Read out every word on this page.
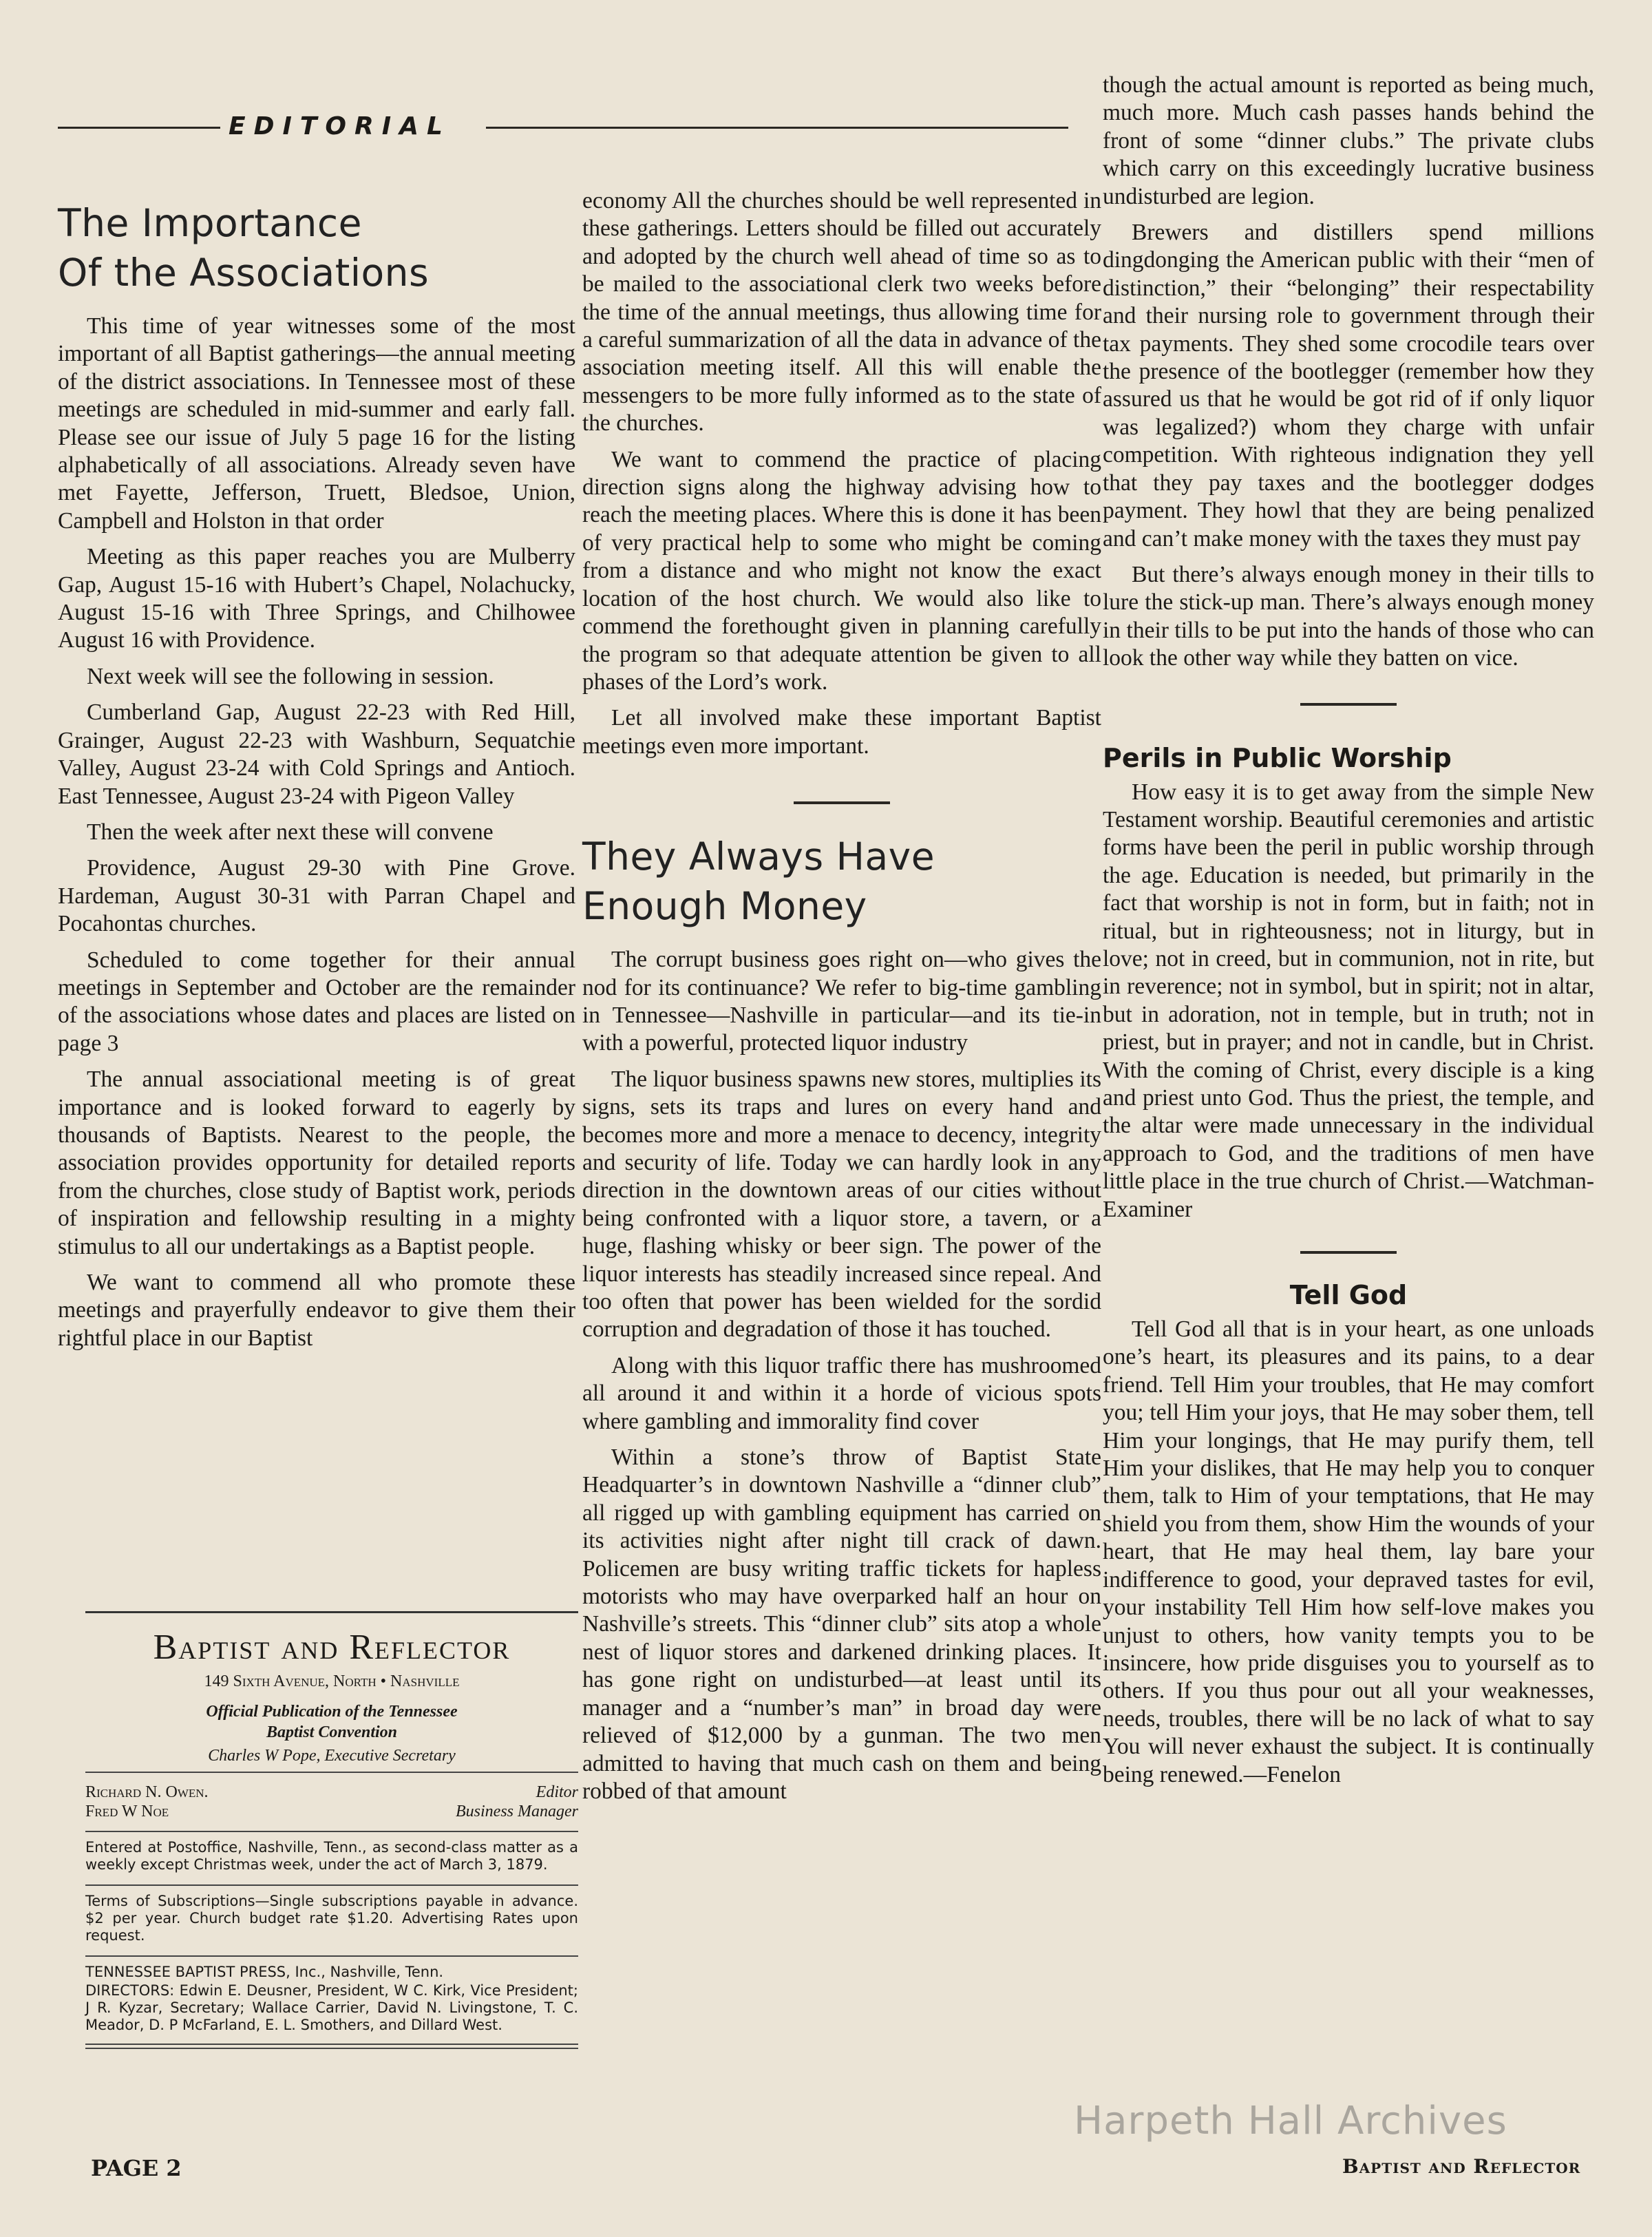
EDITORIAL
The Importance
Of the Associations

This time of year witnesses some of the most important of all Baptist gatherings—the annual meeting of the district associations. In Tennessee most of these meetings are scheduled in mid-summer and early fall. Please see our issue of July 5 page 16 for the listing alphabetically of all associations. Already seven have met Fayette, Jefferson, Truett, Bledsoe, Union, Campbell and Holston in that order

Meeting as this paper reaches you are Mulberry Gap, August 15-16 with Hubert’s Chapel, Nolachucky, August 15-16 with Three Springs, and Chilhowee August 16 with Providence.

Next week will see the following in session.

Cumberland Gap, August 22-23 with Red Hill, Grainger, August 22-23 with Washburn, Sequatchie Valley, August 23-24 with Cold Springs and Antioch. East Tennessee, August 23-24 with Pigeon Valley

Then the week after next these will convene

Providence, August 29-30 with Pine Grove. Hardeman, August 30-31 with Parran Chapel and Pocahontas churches.

Scheduled to come together for their annual meetings in September and October are the remainder of the associations whose dates and places are listed on page 3

The annual associational meeting is of great importance and is looked forward to eagerly by thousands of Baptists. Nearest to the people, the association provides opportunity for detailed reports from the churches, close study of Baptist work, periods of inspiration and fellowship resulting in a mighty stimulus to all our undertakings as a Baptist people.

We want to commend all who promote these meetings and prayerfully endeavor to give them their rightful place in our Baptist

economy All the churches should be well represented in these gatherings. Letters should be filled out accurately and adopted by the church well ahead of time so as to be mailed to the associational clerk two weeks before the time of the annual meetings, thus allowing time for a careful summarization of all the data in advance of the association meeting itself. All this will enable the messengers to be more fully informed as to the state of the churches.

We want to commend the practice of placing direction signs along the highway advising how to reach the meeting places. Where this is done it has been of very practical help to some who might be coming from a distance and who might not know the exact location of the host church. We would also like to commend the forethought given in planning carefully the program so that adequate attention be given to all phases of the Lord’s work.

Let all involved make these important Baptist meetings even more important.

They Always Have
Enough Money

The corrupt business goes right on—who gives the nod for its continuance? We refer to big-time gambling in Tennessee—Nashville in particular—and its tie-in with a powerful, protected liquor industry

The liquor business spawns new stores, multiplies its signs, sets its traps and lures on every hand and becomes more and more a menace to decency, integrity and security of life. Today we can hardly look in any direction in the downtown areas of our cities without being confronted with a liquor store, a tavern, or a huge, flashing whisky or beer sign. The power of the liquor interests has steadily increased since repeal. And too often that power has been wielded for the sordid corruption and degradation of those it has touched.

Along with this liquor traffic there has mushroomed all around it and within it a horde of vicious spots where gambling and immorality find cover

Within a stone’s throw of Baptist State Headquarter’s in downtown Nashville a “dinner club” all rigged up with gambling equipment has carried on its activities night after night till crack of dawn. Policemen are busy writing traffic tickets for hapless motorists who may have overparked half an hour on Nashville’s streets. This “dinner club” sits atop a whole nest of liquor stores and darkened drinking places. It has gone right on undisturbed—at least until its manager and a “number’s man” in broad day were relieved of $12,000 by a gunman. The two men admitted to having that much cash on them and being robbed of that amount

though the actual amount is reported as being much, much more. Much cash passes hands behind the front of some “dinner clubs.” The private clubs which carry on this exceedingly lucrative business undisturbed are legion.

Brewers and distillers spend millions dingdonging the American public with their “men of distinction,” their “belonging” their respectability and their nursing role to government through their tax payments. They shed some crocodile tears over the presence of the bootlegger (remember how they assured us that he would be got rid of if only liquor was legalized?) whom they charge with unfair competition. With righteous indignation they yell that they pay taxes and the bootlegger dodges payment. They howl that they are being penalized and can’t make money with the taxes they must pay

But there’s always enough money in their tills to lure the stick-up man. There’s always enough money in their tills to be put into the hands of those who can look the other way while they batten on vice.

Perils in Public Worship

How easy it is to get away from the simple New Testament worship. Beautiful ceremonies and artistic forms have been the peril in public worship through the age. Education is needed, but primarily in the fact that worship is not in form, but in faith; not in ritual, but in righteousness; not in liturgy, but in love; not in creed, but in communion, not in rite, but in reverence; not in symbol, but in spirit; not in altar, but in adoration, not in temple, but in truth; not in priest, but in prayer; and not in candle, but in Christ. With the coming of Christ, every disciple is a king and priest unto God. Thus the priest, the temple, and the altar were made unnecessary in the individual approach to God, and the traditions of men have little place in the true church of Christ.—Watchman-Examiner

Tell God

Tell God all that is in your heart, as one unloads one’s heart, its pleasures and its pains, to a dear friend. Tell Him your troubles, that He may comfort you; tell Him your joys, that He may sober them, tell Him your longings, that He may purify them, tell Him your dislikes, that He may help you to conquer them, talk to Him of your temptations, that He may shield you from them, show Him the wounds of your heart, that He may heal them, lay bare your indifference to good, your depraved tastes for evil, your instability Tell Him how self-love makes you unjust to others, how vanity tempts you to be insincere, how pride disguises you to yourself as to others. If you thus pour out all your weaknesses, needs, troubles, there will be no lack of what to say You will never exhaust the subject. It is continually being renewed.—Fenelon

Baptist and Reflector
149 Sixth Avenue, North • Nashville
Official Publication of the Tennessee
Baptist Convention
Charles W Pope, Executive Secretary
Richard N. Owen.	Editor
Fred W Noe	Business Manager
Entered at Postoffice, Nashville, Tenn., as second-class matter as a weekly except Christmas week, under the act of March 3, 1879.
Terms of Subscriptions—Single subscriptions payable in advance. $2 per year. Church budget rate $1.20. Advertising Rates upon request.
TENNESSEE BAPTIST PRESS, Inc., Nashville, Tenn.
DIRECTORS: Edwin E. Deusner, President, W C. Kirk, Vice President; J R. Kyzar, Secretary; Wallace Carrier, David N. Livingstone, T. C. Meador, D. P McFarland, E. L. Smothers, and Dillard West.
Harpeth Hall Archives
PAGE 2	Baptist and Reflector
